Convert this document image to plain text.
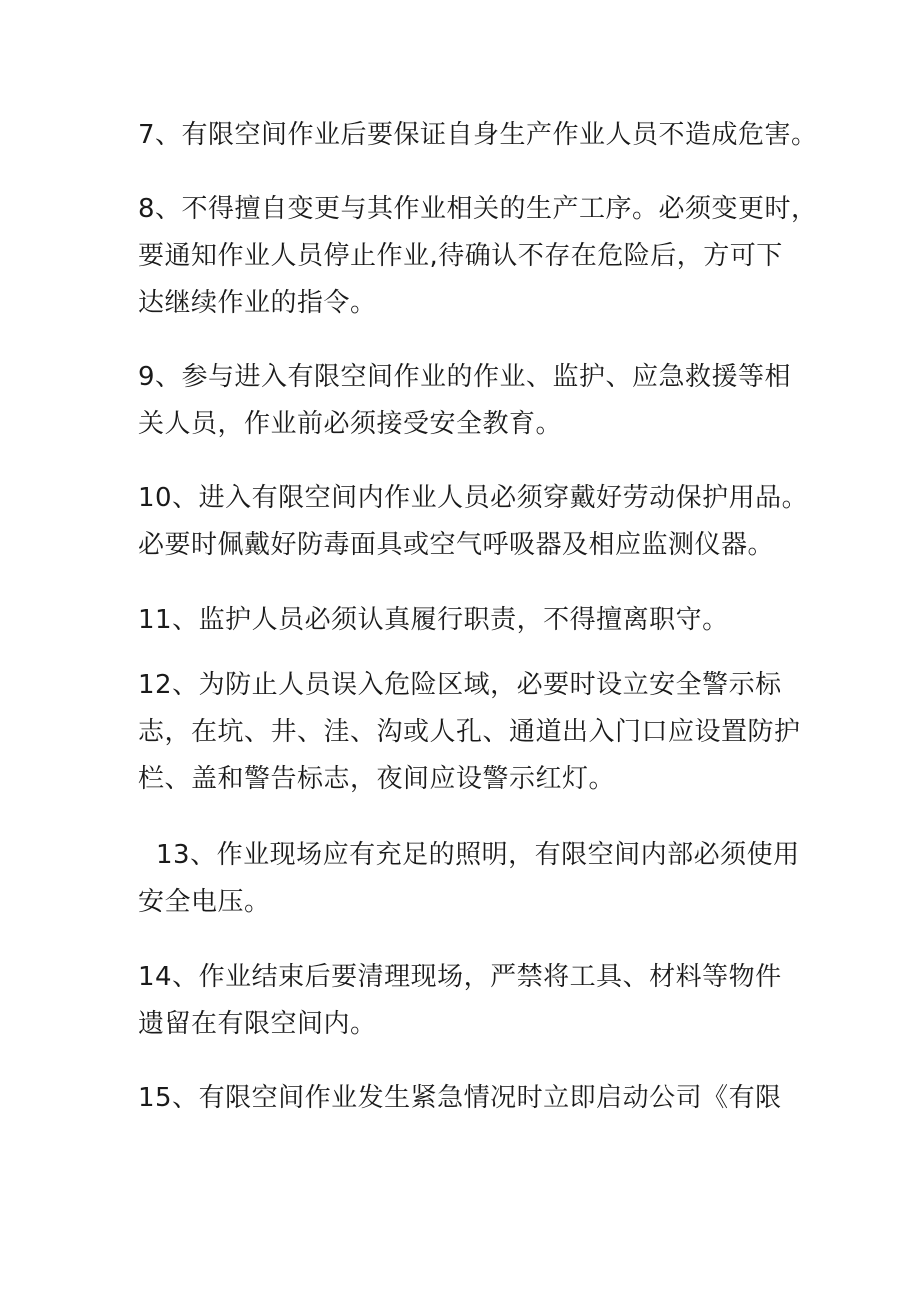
7、有限空间作业后要保证自身生产作业人员不造成危害。
8、不得擅自变更与其作业相关的生产工序。必须变更时，
要通知作业人员停止作业,待确认不存在危险后，方可下
达继续作业的指令。
9、参与进入有限空间作业的作业、监护、应急救援等相
关人员，作业前必须接受安全教育。
10、进入有限空间内作业人员必须穿戴好劳动保护用品。
必要时佩戴好防毒面具或空气呼吸器及相应监测仪器。
11、监护人员必须认真履行职责，不得擅离职守。
12、为防止人员误入危险区域，必要时设立安全警示标
志，在坑、井、洼、沟或人孔、通道出入门口应设置防护
栏、盖和警告标志，夜间应设警示红灯。
13、作业现场应有充足的照明，有限空间内部必须使用
安全电压。
14、作业结束后要清理现场，严禁将工具、材料等物件
遗留在有限空间内。
15、有限空间作业发生紧急情况时立即启动公司《有限
